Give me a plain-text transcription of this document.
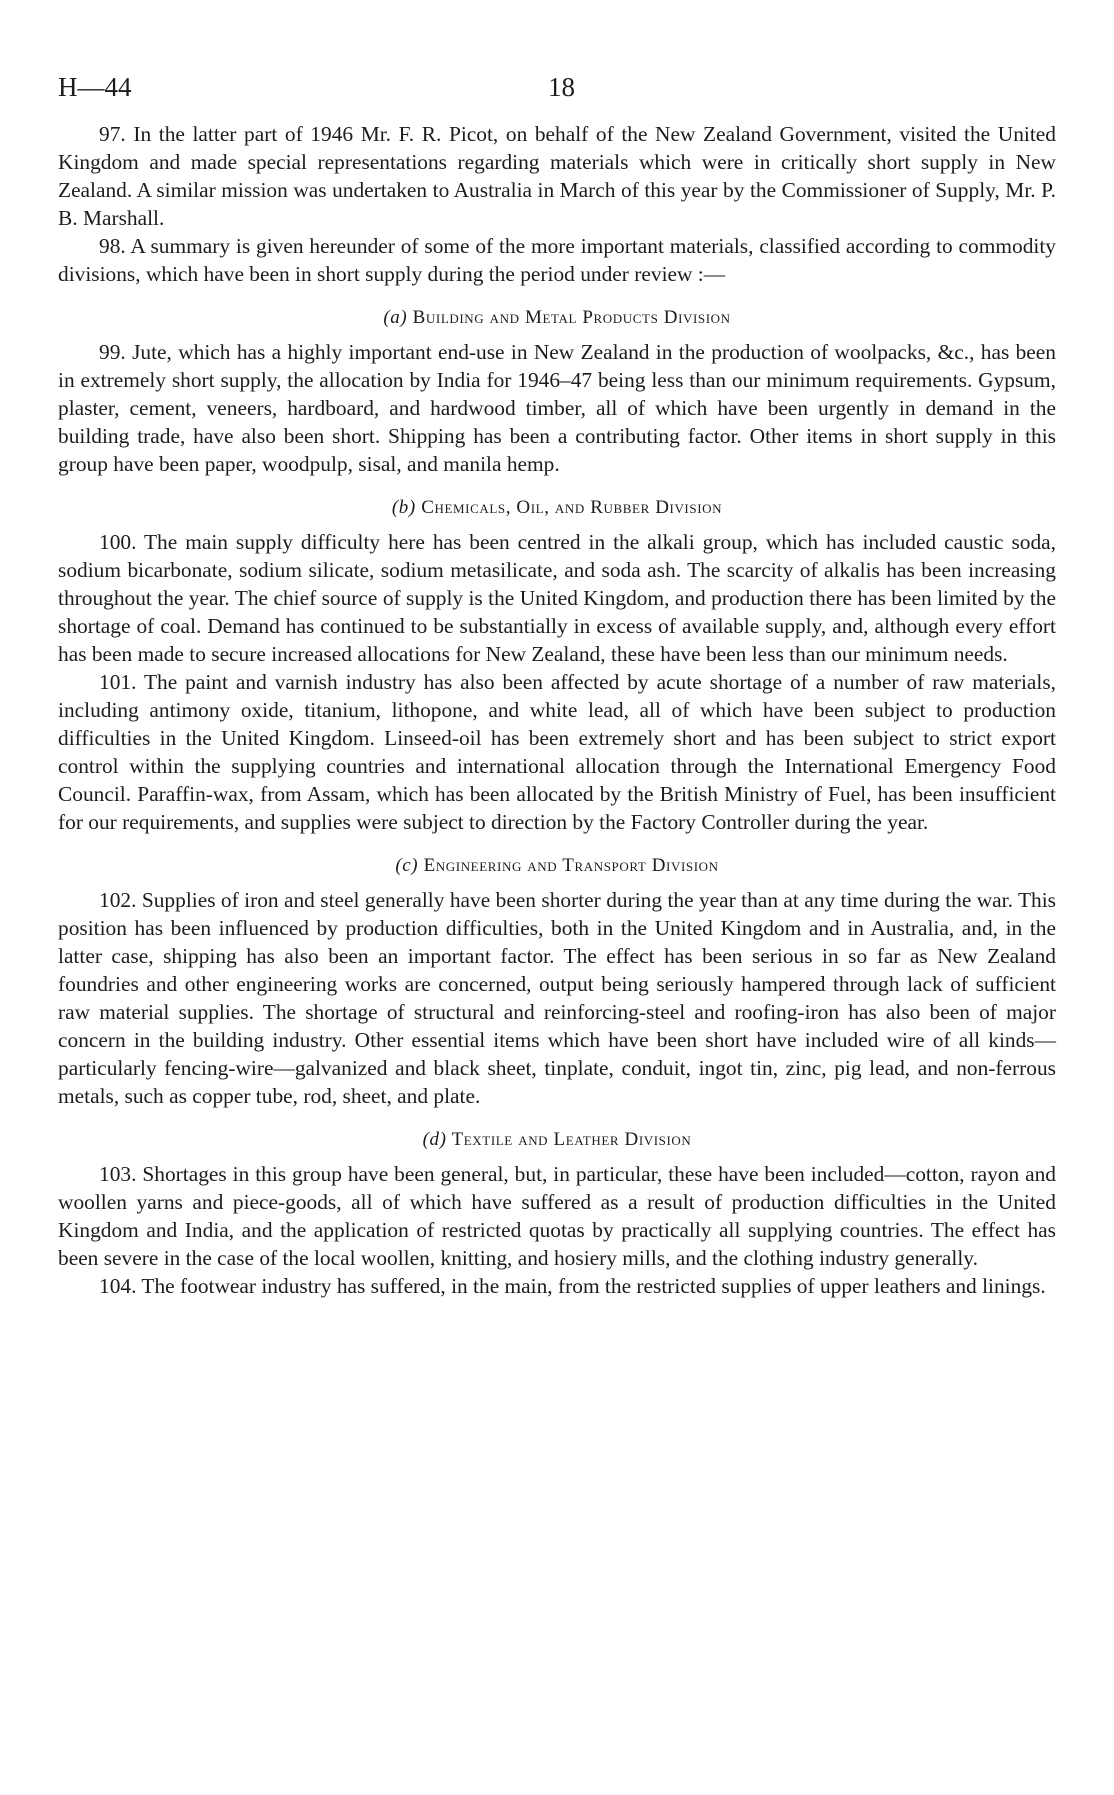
H—44	18

97. In the latter part of 1946 Mr. F. R. Picot, on behalf of the New Zealand Government, visited the United Kingdom and made special representations regarding materials which were in critically short supply in New Zealand. A similar mission was undertaken to Australia in March of this year by the Commissioner of Supply, Mr. P. B. Marshall.

98. A summary is given hereunder of some of the more important materials, classified according to commodity divisions, which have been in short supply during the period under review :—

(a) Building and Metal Products Division

99. Jute, which has a highly important end-use in New Zealand in the production of woolpacks, &c., has been in extremely short supply, the allocation by India for 1946–47 being less than our minimum requirements. Gypsum, plaster, cement, veneers, hardboard, and hardwood timber, all of which have been urgently in demand in the building trade, have also been short. Shipping has been a contributing factor. Other items in short supply in this group have been paper, woodpulp, sisal, and manila hemp.

(b) Chemicals, Oil, and Rubber Division

100. The main supply difficulty here has been centred in the alkali group, which has included caustic soda, sodium bicarbonate, sodium silicate, sodium metasilicate, and soda ash. The scarcity of alkalis has been increasing throughout the year. The chief source of supply is the United Kingdom, and production there has been limited by the shortage of coal. Demand has continued to be substantially in excess of available supply, and, although every effort has been made to secure increased allocations for New Zealand, these have been less than our minimum needs.

101. The paint and varnish industry has also been affected by acute shortage of a number of raw materials, including antimony oxide, titanium, lithopone, and white lead, all of which have been subject to production difficulties in the United Kingdom. Linseed-oil has been extremely short and has been subject to strict export control within the supplying countries and international allocation through the International Emergency Food Council. Paraffin-wax, from Assam, which has been allocated by the British Ministry of Fuel, has been insufficient for our requirements, and supplies were subject to direction by the Factory Controller during the year.

(c) Engineering and Transport Division

102. Supplies of iron and steel generally have been shorter during the year than at any time during the war. This position has been influenced by production difficulties, both in the United Kingdom and in Australia, and, in the latter case, shipping has also been an important factor. The effect has been serious in so far as New Zealand foundries and other engineering works are concerned, output being seriously hampered through lack of sufficient raw material supplies. The shortage of structural and reinforcing-steel and roofing-iron has also been of major concern in the building industry. Other essential items which have been short have included wire of all kinds—particularly fencing-wire—galvanized and black sheet, tinplate, conduit, ingot tin, zinc, pig lead, and non-ferrous metals, such as copper tube, rod, sheet, and plate.

(d) Textile and Leather Division

103. Shortages in this group have been general, but, in particular, these have been included—cotton, rayon and woollen yarns and piece-goods, all of which have suffered as a result of production difficulties in the United Kingdom and India, and the application of restricted quotas by practically all supplying countries. The effect has been severe in the case of the local woollen, knitting, and hosiery mills, and the clothing industry generally.

104. The footwear industry has suffered, in the main, from the restricted supplies of upper leathers and linings.
